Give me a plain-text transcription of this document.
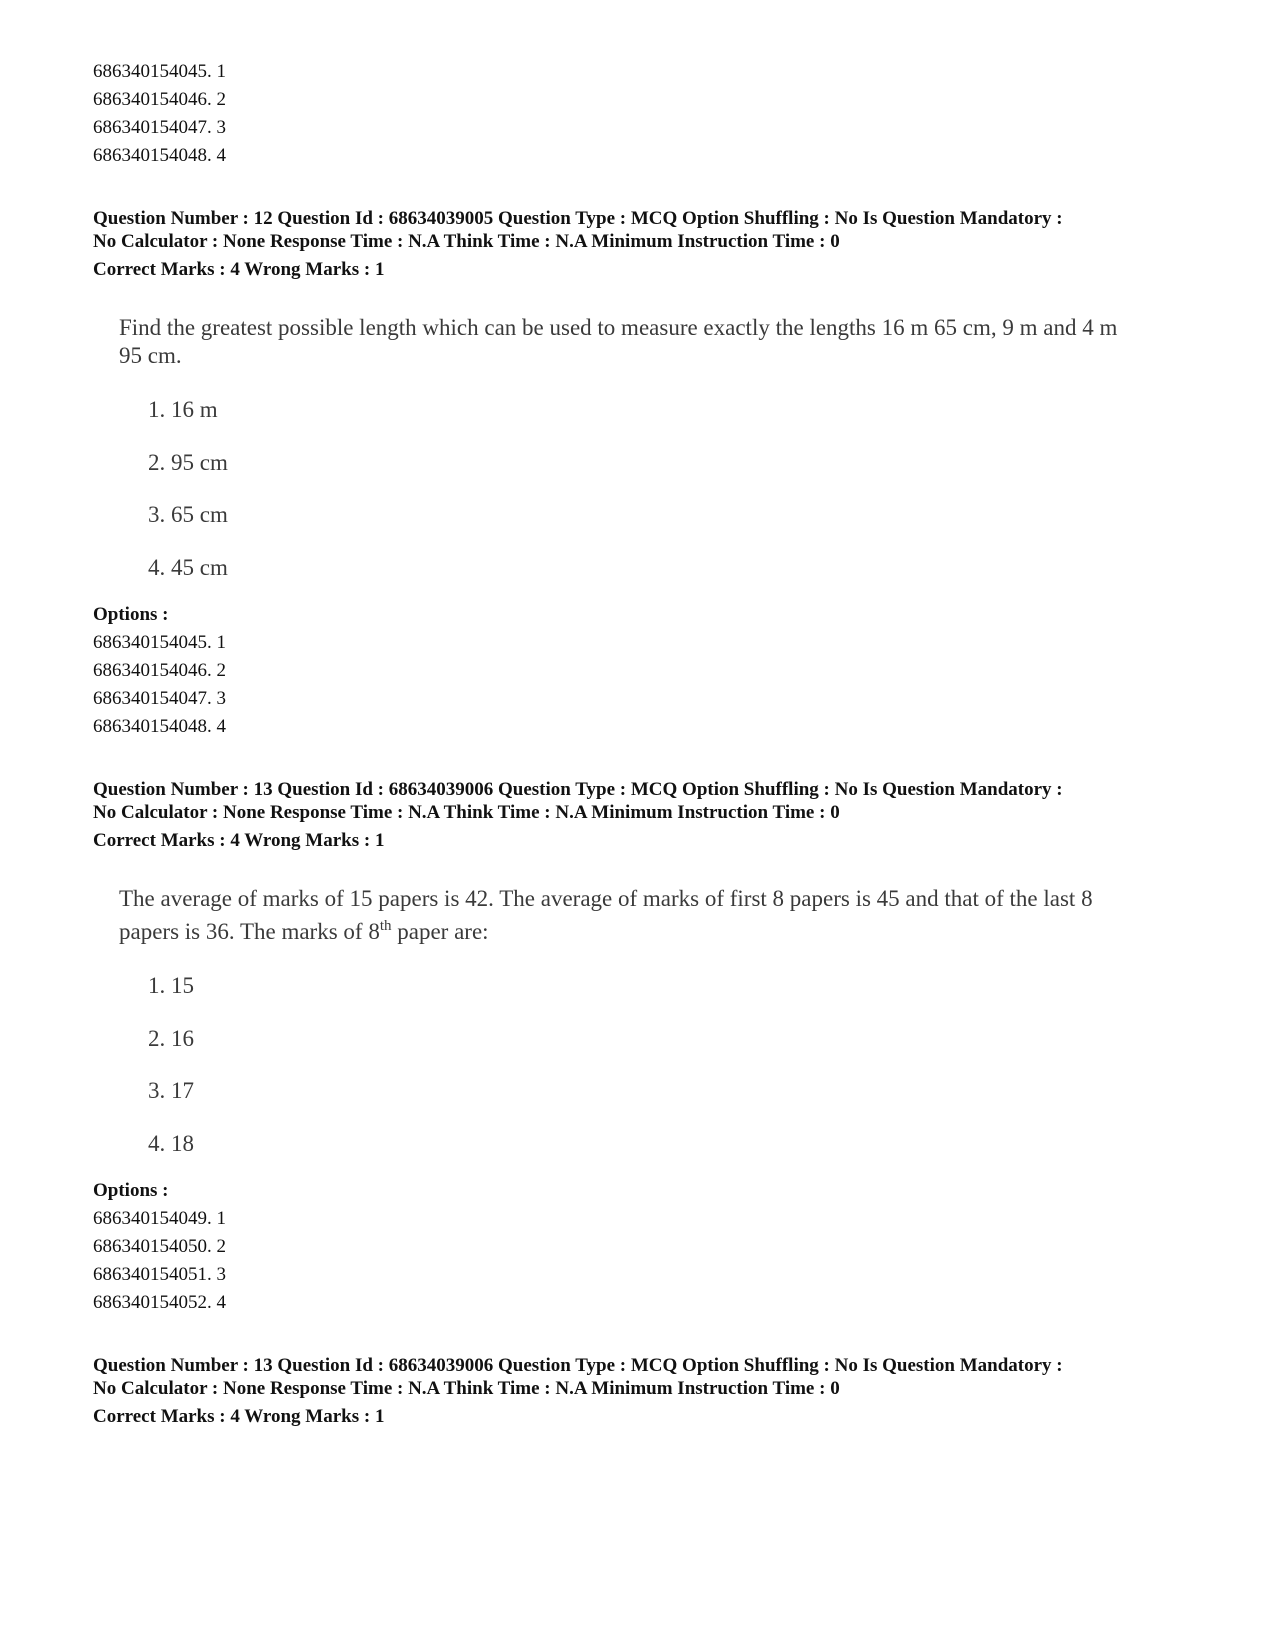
686340154045. 1
686340154046. 2
686340154047. 3
686340154048. 4
Question Number : 12 Question Id : 68634039005 Question Type : MCQ Option Shuffling : No Is Question Mandatory :
No Calculator : None Response Time : N.A Think Time : N.A Minimum Instruction Time : 0
Correct Marks : 4 Wrong Marks : 1
Find the greatest possible length which can be used to measure exactly the lengths 16 m 65 cm, 9 m and 4 m
95 cm.
1. 16 m
2. 95 cm
3. 65 cm
4. 45 cm
Options :
686340154045. 1
686340154046. 2
686340154047. 3
686340154048. 4
Question Number : 13 Question Id : 68634039006 Question Type : MCQ Option Shuffling : No Is Question Mandatory :
No Calculator : None Response Time : N.A Think Time : N.A Minimum Instruction Time : 0
Correct Marks : 4 Wrong Marks : 1
The average of marks of 15 papers is 42. The average of marks of first 8 papers is 45 and that of the last 8
papers is 36. The marks of 8th paper are:
1. 15
2. 16
3. 17
4. 18
Options :
686340154049. 1
686340154050. 2
686340154051. 3
686340154052. 4
Question Number : 13 Question Id : 68634039006 Question Type : MCQ Option Shuffling : No Is Question Mandatory :
No Calculator : None Response Time : N.A Think Time : N.A Minimum Instruction Time : 0
Correct Marks : 4 Wrong Marks : 1
